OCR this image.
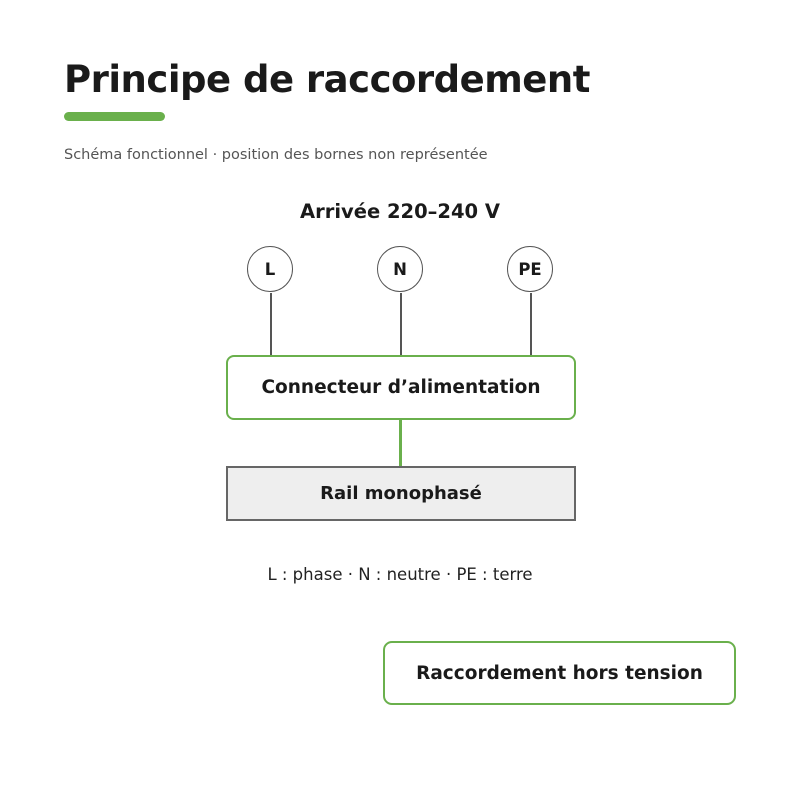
Principe de raccordement
Schéma fonctionnel · position des bornes non représentée
Arrivée 220–240 V
L	N	PE
Connecteur d’alimentation
Rail monophasé
L : phase · N : neutre · PE : terre
Raccordement hors tension
